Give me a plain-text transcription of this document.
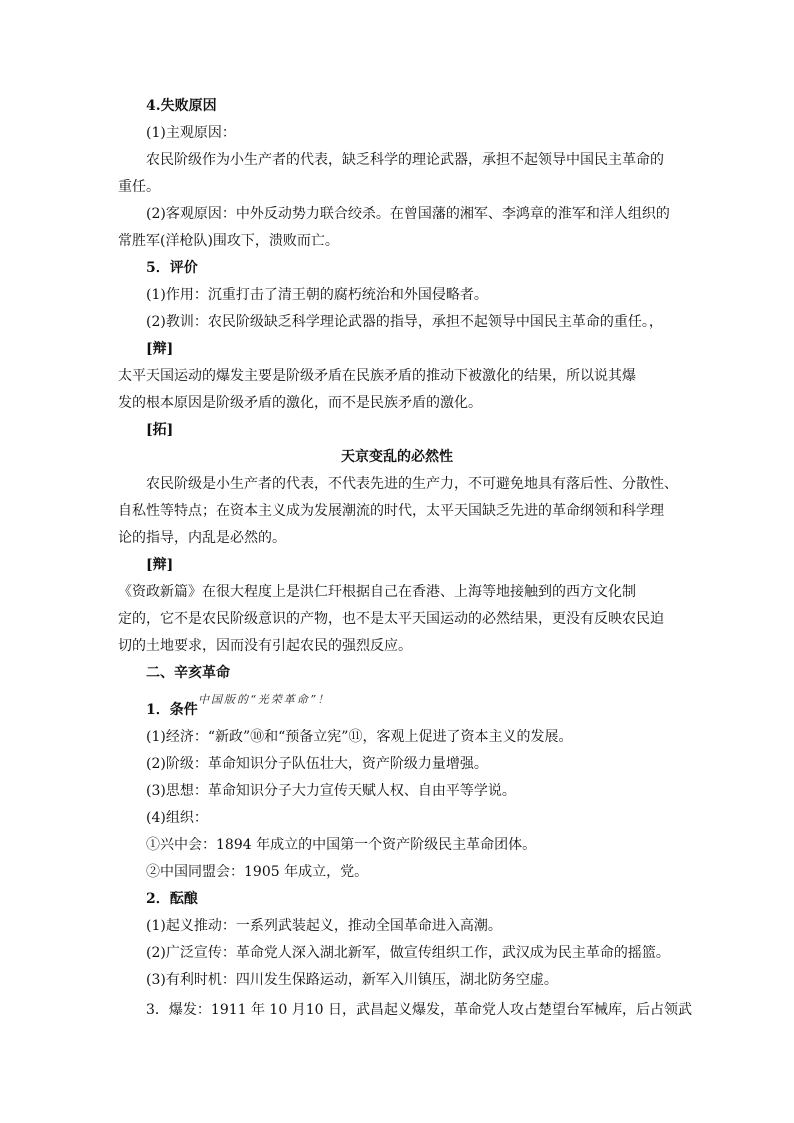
4.失败原因
(1)主观原因：
农民阶级作为小生产者的代表，缺乏科学的理论武器，承担不起领导中国民主革命的
重任。
(2)客观原因：中外反动势力联合绞杀。在曾国藩的湘军、李鸿章的淮军和洋人组织的
常胜军(洋枪队)围攻下，溃败而亡。
5．评价
(1)作用：沉重打击了清王朝的腐朽统治和外国侵略者。
(2)教训：农民阶级缺乏科学理论武器的指导，承担不起领导中国民主革命的重任。，
[辩]
太平天国运动的爆发主要是阶级矛盾在民族矛盾的推动下被激化的结果，所以说其爆
发的根本原因是阶级矛盾的激化，而不是民族矛盾的激化。
[拓]
天京变乱的必然性
农民阶级是小生产者的代表，不代表先进的生产力，不可避免地具有落后性、分散性、
自私性等特点；在资本主义成为发展潮流的时代，太平天国缺乏先进的革命纲领和科学理
论的指导，内乱是必然的。
[辩]
《资政新篇》在很大程度上是洪仁玕根据自己在香港、上海等地接触到的西方文化制
定的，它不是农民阶级意识的产物，也不是太平天国运动的必然结果，更没有反映农民迫
切的土地要求，因而没有引起农民的强烈反应。
二、辛亥革命
1．条件
中国版的“光荣革命”！
(1)经济：“新政”⑩和“预备立宪”⑪，客观上促进了资本主义的发展。
(2)阶级：革命知识分子队伍壮大，资产阶级力量增强。
(3)思想：革命知识分子大力宣传天赋人权、自由平等学说。
(4)组织：
①兴中会：1894 年成立的中国第一个资产阶级民主革命团体。
②中国同盟会：1905 年成立，党。
2．酝酿
(1)起义推动：一系列武装起义，推动全国革命进入高潮。
(2)广泛宣传：革命党人深入湖北新军，做宣传组织工作，武汉成为民主革命的摇篮。
(3)有利时机：四川发生保路运动，新军入川镇压，湖北防务空虚。
3．爆发：1911 年 10 月10 日，武昌起义爆发，革命党人攻占楚望台军械库，后占领武
